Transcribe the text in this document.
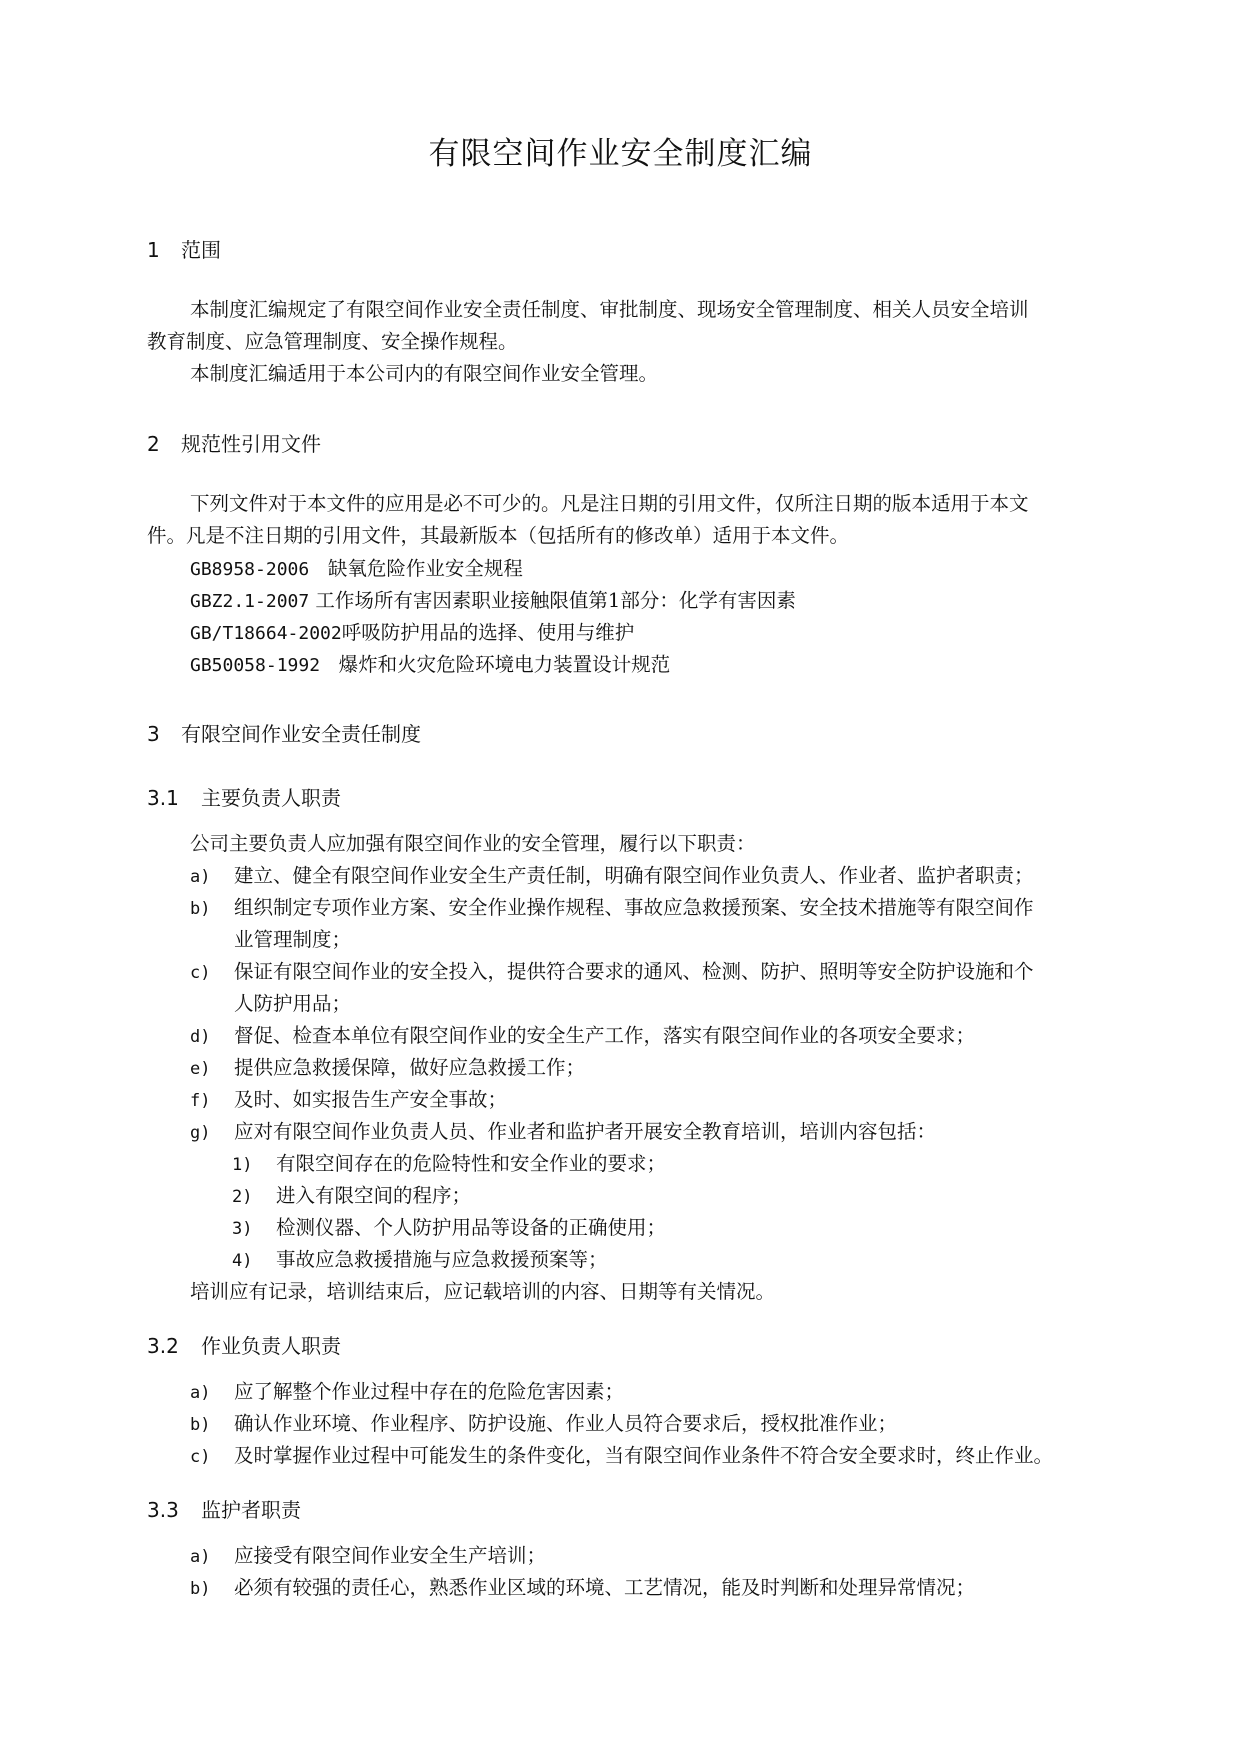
有限空间作业安全制度汇编
1 范围
本制度汇编规定了有限空间作业安全责任制度、审批制度、现场安全管理制度、相关人员安全培训
教育制度、应急管理制度、安全操作规程。
本制度汇编适用于本公司内的有限空间作业安全管理。
2 规范性引用文件
下列文件对于本文件的应用是必不可少的。凡是注日期的引用文件，仅所注日期的版本适用于本文
件。凡是不注日期的引用文件，其最新版本（包括所有的修改单）适用于本文件。
GB8958-2006 缺氧危险作业安全规程
GBZ2.1-2007 工作场所有害因素职业接触限值第1部分：化学有害因素
GB/T18664-2002呼吸防护用品的选择、使用与维护
GB50058-1992 爆炸和火灾危险环境电力装置设计规范
3 有限空间作业安全责任制度
3.1 主要负责人职责
公司主要负责人应加强有限空间作业的安全管理，履行以下职责：
a) 建立、健全有限空间作业安全生产责任制，明确有限空间作业负责人、作业者、监护者职责；
b) 组织制定专项作业方案、安全作业操作规程、事故应急救援预案、安全技术措施等有限空间作
业管理制度；
c) 保证有限空间作业的安全投入，提供符合要求的通风、检测、防护、照明等安全防护设施和个
人防护用品；
d) 督促、检查本单位有限空间作业的安全生产工作，落实有限空间作业的各项安全要求；
e) 提供应急救援保障，做好应急救援工作；
f) 及时、如实报告生产安全事故；
g) 应对有限空间作业负责人员、作业者和监护者开展安全教育培训，培训内容包括：
1) 有限空间存在的危险特性和安全作业的要求；
2) 进入有限空间的程序；
3) 检测仪器、个人防护用品等设备的正确使用；
4) 事故应急救援措施与应急救援预案等；
培训应有记录，培训结束后，应记载培训的内容、日期等有关情况。
3.2 作业负责人职责
a) 应了解整个作业过程中存在的危险危害因素；
b) 确认作业环境、作业程序、防护设施、作业人员符合要求后，授权批准作业；
c) 及时掌握作业过程中可能发生的条件变化，当有限空间作业条件不符合安全要求时，终止作业。
3.3 监护者职责
a) 应接受有限空间作业安全生产培训；
b) 必须有较强的责任心，熟悉作业区域的环境、工艺情况，能及时判断和处理异常情况；
